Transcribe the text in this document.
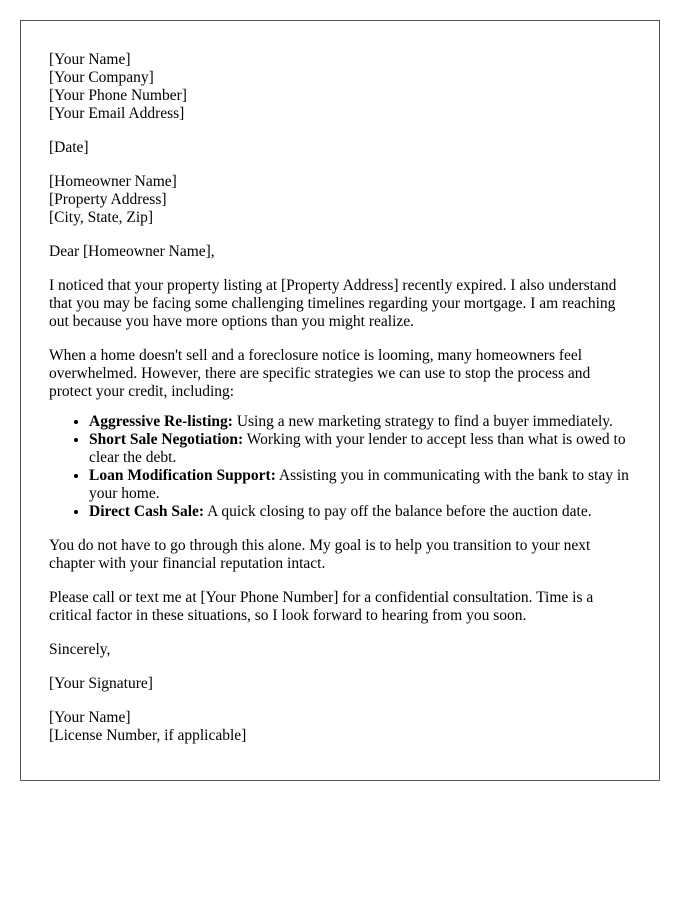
[Your Name]
[Your Company]
[Your Phone Number]
[Your Email Address]
[Date]
[Homeowner Name]
[Property Address]
[City, State, Zip]

Dear [Homeowner Name],

I noticed that your property listing at [Property Address] recently expired. I also understand that you may be facing some challenging timelines regarding your mortgage. I am reaching out because you have more options than you might realize.

When a home doesn't sell and a foreclosure notice is looming, many homeowners feel overwhelmed. However, there are specific strategies we can use to stop the process and protect your credit, including:

• Aggressive Re-listing: Using a new marketing strategy to find a buyer immediately.
• Short Sale Negotiation: Working with your lender to accept less than what is owed to clear the debt.
• Loan Modification Support: Assisting you in communicating with the bank to stay in your home.
• Direct Cash Sale: A quick closing to pay off the balance before the auction date.

You do not have to go through this alone. My goal is to help you transition to your next chapter with your financial reputation intact.

Please call or text me at [Your Phone Number] for a confidential consultation. Time is a critical factor in these situations, so I look forward to hearing from you soon.

Sincerely,

[Your Signature]

[Your Name]
[License Number, if applicable]
